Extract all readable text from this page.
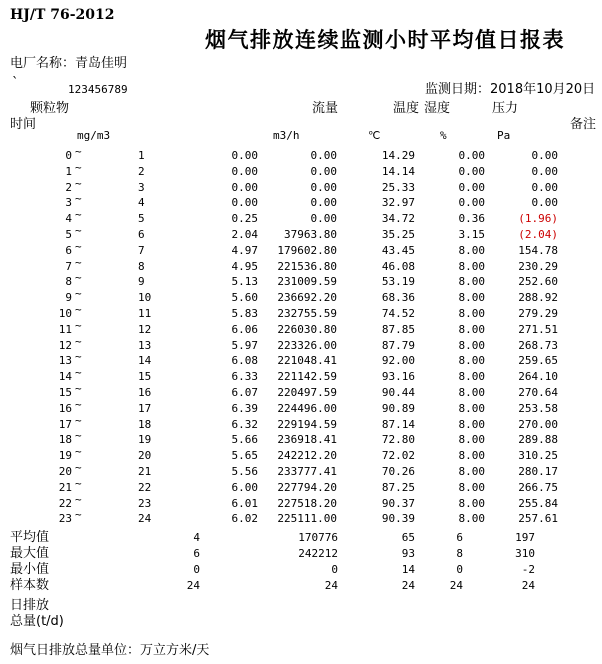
HJ/T 76-2012
烟气排放连续监测小时平均值日报表
电厂名称：青岛佳明
`	123456789	监测日期：2018年10月20日
颗粒物	流量	温度 湿度	压力
时间	备注
mg/m3	m3/h	℃	%	Pa
0 ~	1	0.00	0.00	14.29	0.00	0.00
1 ~	2	0.00	0.00	14.14	0.00	0.00
2 ~	3	0.00	0.00	25.33	0.00	0.00
3 ~	4	0.00	0.00	32.97	0.00	0.00
4 ~	5	0.25	0.00	34.72	0.36	(1.96)
5 ~	6	2.04	37963.80	35.25	3.15	(2.04)
6 ~	7	4.97	179602.80	43.45	8.00	154.78
7 ~	8	4.95	221536.80	46.08	8.00	230.29
8 ~	9	5.13	231009.59	53.19	8.00	252.60
9 ~	10	5.60	236692.20	68.36	8.00	288.92
10 ~	11	5.83	232755.59	74.52	8.00	279.29
11 ~	12	6.06	226030.80	87.85	8.00	271.51
12 ~	13	5.97	223326.00	87.79	8.00	268.73
13 ~	14	6.08	221048.41	92.00	8.00	259.65
14 ~	15	6.33	221142.59	93.16	8.00	264.10
15 ~	16	6.07	220497.59	90.44	8.00	270.64
16 ~	17	6.39	224496.00	90.89	8.00	253.58
17 ~	18	6.32	229194.59	87.14	8.00	270.00
18 ~	19	5.66	236918.41	72.80	8.00	289.88
19 ~	20	5.65	242212.20	72.02	8.00	310.25
20 ~	21	5.56	233777.41	70.26	8.00	280.17
21 ~	22	6.00	227794.20	87.25	8.00	266.75
22 ~	23	6.01	227518.20	90.37	8.00	255.84
23 ~	24	6.02	225111.00	90.39	8.00	257.61
平均值	4	170776	65	6	197
最大值	6	242212	93	8	310
最小值	0	0	14	0	-2
样本数	24	24	24	24	24
日排放
总量(t/d)
烟气日排放总量单位：万立方米/天
